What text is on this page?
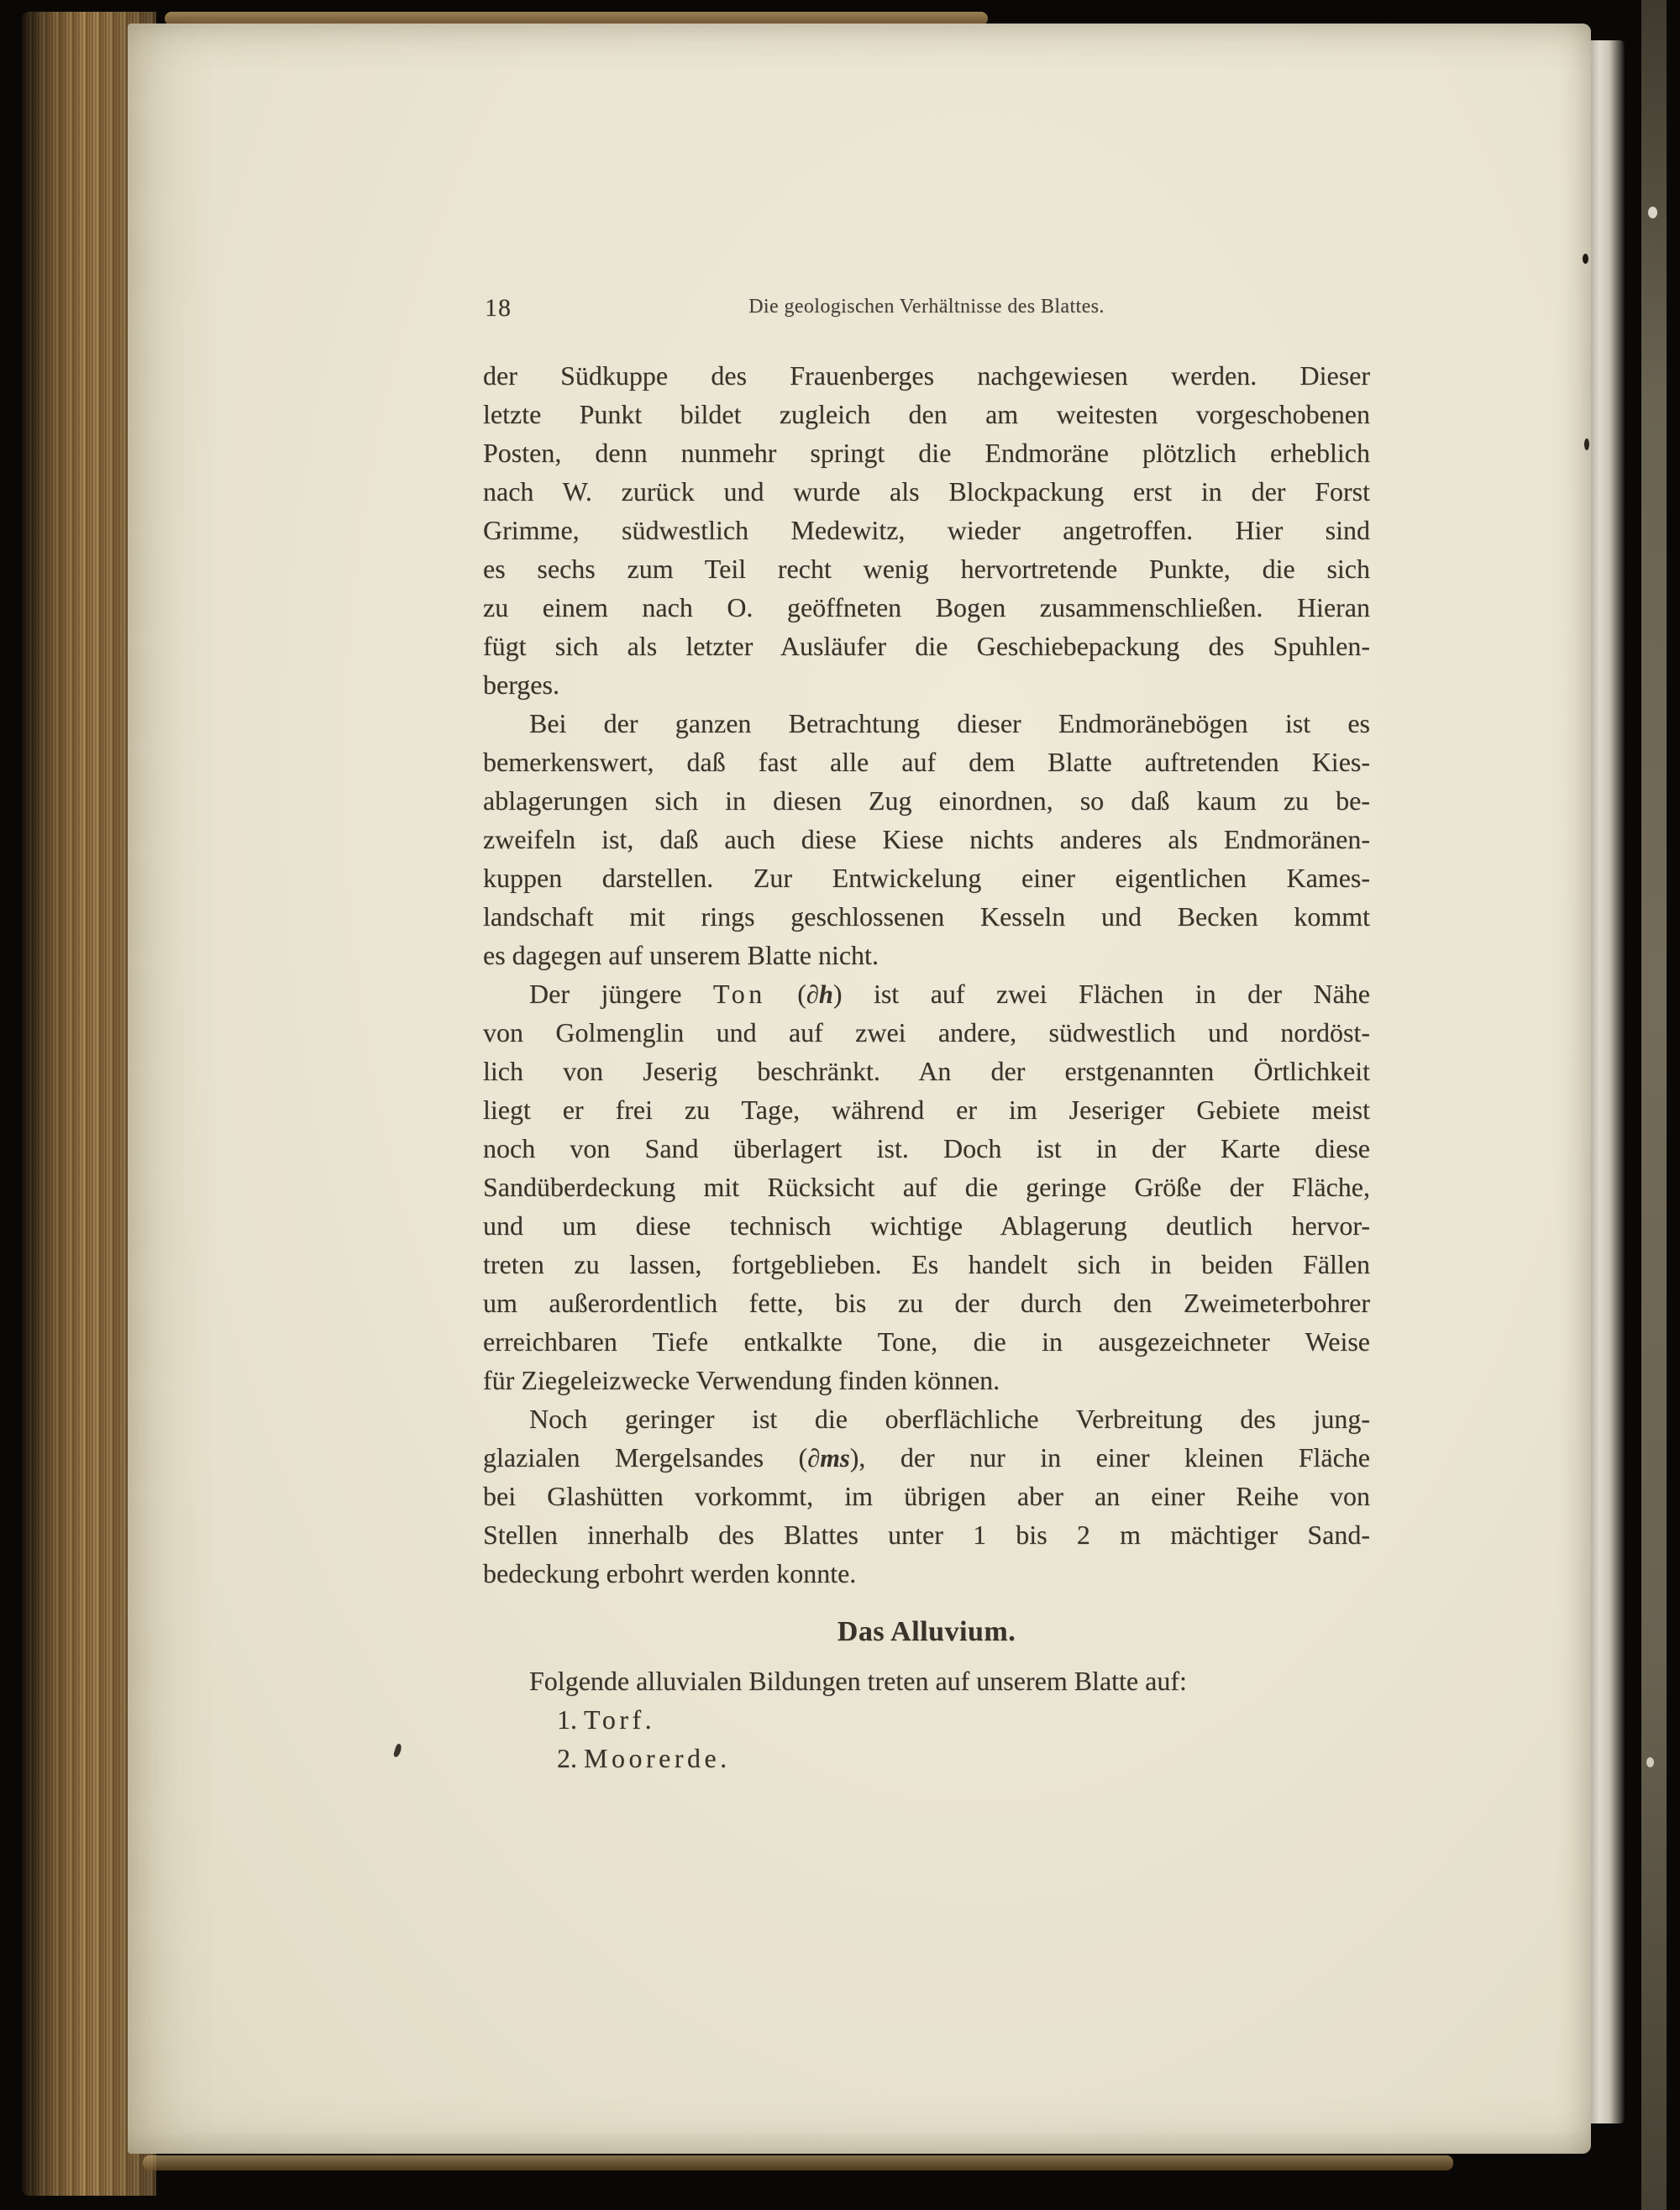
18	Die geologischen Verhältnisse des Blattes.
der Südkuppe des Frauenberges nachgewiesen werden. Dieser
letzte Punkt bildet zugleich den am weitesten vorgeschobenen
Posten, denn nunmehr springt die Endmoräne plötzlich erheblich
nach W. zurück und wurde als Blockpackung erst in der Forst
Grimme, südwestlich Medewitz, wieder angetroffen. Hier sind
es sechs zum Teil recht wenig hervortretende Punkte, die sich
zu einem nach O. geöffneten Bogen zusammenschließen. Hieran
fügt sich als letzter Ausläufer die Geschiebepackung des Spuhlen-
berges.
Bei der ganzen Betrachtung dieser Endmoränebögen ist es
bemerkenswert, daß fast alle auf dem Blatte auftretenden Kies-
ablagerungen sich in diesen Zug einordnen, so daß kaum zu be-
zweifeln ist, daß auch diese Kiese nichts anderes als Endmoränen-
kuppen darstellen. Zur Entwickelung einer eigentlichen Kames-
landschaft mit rings geschlossenen Kesseln und Becken kommt
es dagegen auf unserem Blatte nicht.
Der jüngere Ton (∂h) ist auf zwei Flächen in der Nähe
von Golmenglin und auf zwei andere, südwestlich und nordöst-
lich von Jeserig beschränkt. An der erstgenannten Örtlichkeit
liegt er frei zu Tage, während er im Jeseriger Gebiete meist
noch von Sand überlagert ist. Doch ist in der Karte diese
Sandüberdeckung mit Rücksicht auf die geringe Größe der Fläche,
und um diese technisch wichtige Ablagerung deutlich hervor-
treten zu lassen, fortgeblieben. Es handelt sich in beiden Fällen
um außerordentlich fette, bis zu der durch den Zweimeterbohrer
erreichbaren Tiefe entkalkte Tone, die in ausgezeichneter Weise
für Ziegeleizwecke Verwendung finden können.
Noch geringer ist die oberflächliche Verbreitung des jung-
glazialen Mergelsandes (∂ms), der nur in einer kleinen Fläche
bei Glashütten vorkommt, im übrigen aber an einer Reihe von
Stellen innerhalb des Blattes unter 1 bis 2 m mächtiger Sand-
bedeckung erbohrt werden konnte.
Das Alluvium.
Folgende alluvialen Bildungen treten auf unserem Blatte auf:
1. Torf.
2. Moorerde.
